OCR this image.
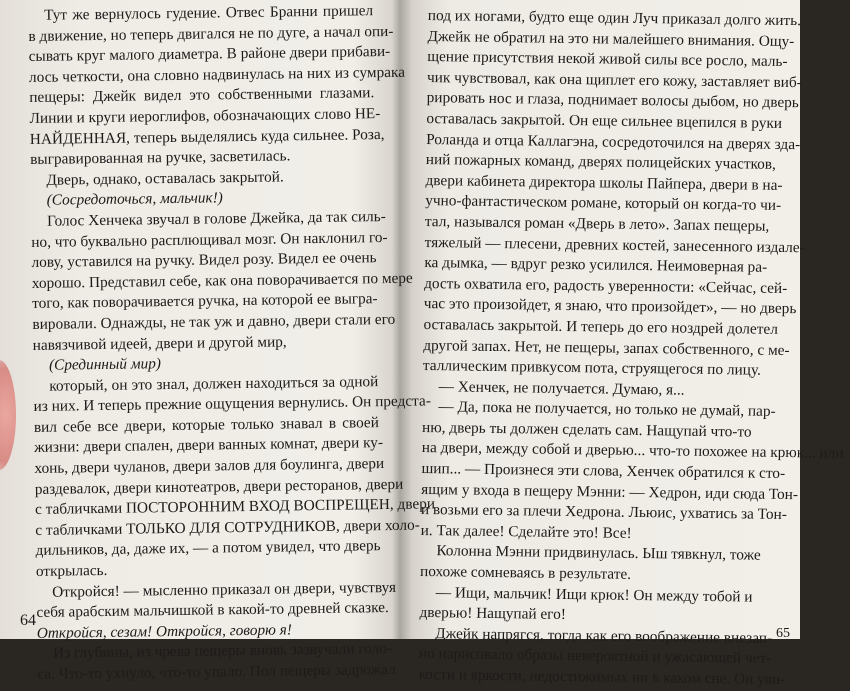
Тут же вернулось гудение. Отвес Бранни пришел
в движение, но теперь двигался не по дуге, а начал опи-
сывать круг малого диаметра. В районе двери прибави-
лось четкости, она словно надвинулась на них из сумрака
пещеры: Джейк видел это собственными глазами.
Линии и круги иероглифов, обозначающих слово НЕ-
НАЙДЕННАЯ, теперь выделялись куда сильнее. Роза,
выгравированная на ручке, засветилась.
Дверь, однако, оставалась закрытой.
(Сосредоточься, мальчик!)
Голос Хенчека звучал в голове Джейка, да так силь-
но, что буквально расплющивал мозг. Он наклонил го-
лову, уставился на ручку. Видел розу. Видел ее очень
хорошо. Представил себе, как она поворачивается по мере
того, как поворачивается ручка, на которой ее выгра-
вировали. Однажды, не так уж и давно, двери стали его
навязчивой идеей, двери и другой мир,
(Срединный мир)
который, он это знал, должен находиться за одной
из них. И теперь прежние ощущения вернулись. Он предста-
вил себе все двери, которые только знавал в своей
жизни: двери спален, двери ванных комнат, двери ку-
хонь, двери чуланов, двери залов для боулинга, двери
раздевалок, двери кинотеатров, двери ресторанов, двери
с табличками ПОСТОРОННИМ ВХОД ВОСПРЕЩЕН, двери
с табличками ТОЛЬКО ДЛЯ СОТРУДНИКОВ, двери холо-
дильников, да, даже их, — а потом увидел, что дверь
открылась.
Откройся! — мысленно приказал он двери, чувствуя
себя арабским мальчишкой в какой-то древней сказке.
Откройся, сезам! Откройся, говорю я!
Из глубины, из чрева пещеры вновь зазвучали голо-
са. Что-то ухнуло, что-то упало. Пол пещеры задрожал
под их ногами, будто еще один Луч приказал долго жить.
Джейк не обратил на это ни малейшего внимания. Ощу-
щение присутствия некой живой силы все росло, маль-
чик чувствовал, как она щиплет его кожу, заставляет виб-
рировать нос и глаза, поднимает волосы дыбом, но дверь
оставалась закрытой. Он еще сильнее вцепился в руки
Роланда и отца Каллагэна, сосредоточился на дверях зда-
ний пожарных команд, дверях полицейских участков,
двери кабинета директора школы Пайпера, двери в на-
учно-фантастическом романе, который он когда-то чи-
тал, назывался роман «Дверь в лето». Запах пещеры,
тяжелый — плесени, древних костей, занесенного издале-
ка дымка, — вдруг резко усилился. Неимоверная ра-
дость охватила его, радость уверенности: «Сейчас, сей-
час это произойдет, я знаю, что произойдет», — но дверь
оставалась закрытой. И теперь до его ноздрей долетел
другой запах. Нет, не пещеры, запах собственного, с ме-
таллическим привкусом пота, струящегося по лицу.
— Хенчек, не получается. Думаю, я...
— Да, пока не получается, но только не думай, пар-
ню, дверь ты должен сделать сам. Нащупай что-то
на двери, между собой и дверью... что-то похожее на крюк... или
шип... — Произнеся эти слова, Хенчек обратился к сто-
ящим у входа в пещеру Мэнни: — Хедрон, иди сюда Тон-
и возьми его за плечи Хедрона. Льюис, ухватись за Тон-
и. Так далее! Сделайте это! Все!
Колонна Мэнни придвинулась. Ыш тявкнул, тоже
похоже сомневаясь в результате.
— Ищи, мальчик! Ищи крюк! Он между тобой и
дверью! Нащупай его!
Джейк напрягся, тогда как его воображение внезап-
но нарисовало образы невероятной и ужасающей чет-
кости и яркости, недостижимых ни в каком сне. Он уви-
64
65
